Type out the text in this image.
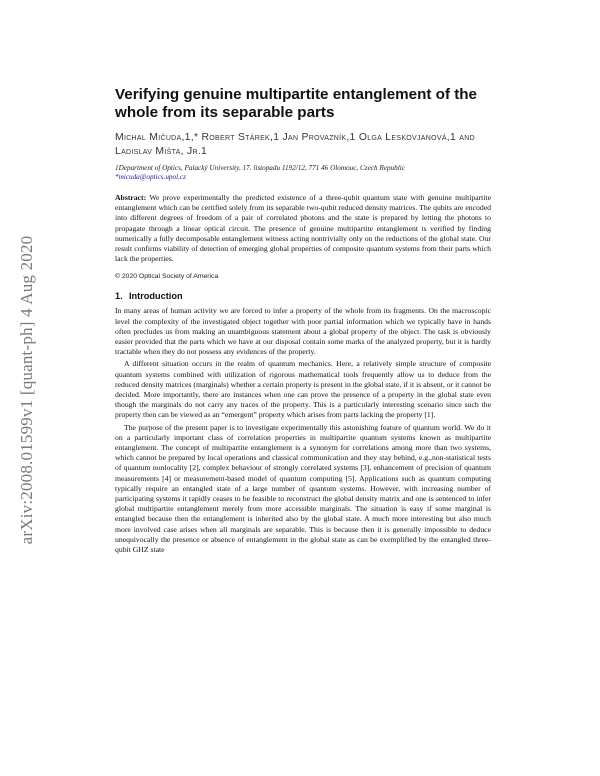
arXiv:2008.01599v1 [quant-ph] 4 Aug 2020
Verifying genuine multipartite entanglement of the whole from its separable parts
Michal Mičuda,1,* Robert Stárek,1 Jan Provazník,1 Olga Leskovjanová,1 and Ladislav Mišta, Jr.1
1Department of Optics, Palacký University, 17. listopadu 1192/12, 771 46 Olomouc, Czech Republic
*micuda@optics.upol.cz

Abstract: We prove experimentally the predicted existence of a three-qubit quantum state with genuine multipartite entanglement which can be certified solely from its separable two-qubit reduced density matrices. The qubits are encoded into different degrees of freedom of a pair of correlated photons and the state is prepared by letting the photons to propagate through a linear optical circuit. The presence of genuine multipartite entanglement is verified by finding numerically a fully decomposable entanglement witness acting nontrivially only on the reductions of the global state. Our result confirms viability of detection of emerging global properties of composite quantum systems from their parts which lack the properties.

© 2020 Optical Society of America
1. Introduction

In many areas of human activity we are forced to infer a property of the whole from its fragments. On the macroscopic level the complexity of the investigated object together with poor partial information which we typically have in hands often precludes us from making an unambiguous statement about a global property of the object. The task is obviously easier provided that the parts which we have at our disposal contain some marks of the analyzed property, but it is hardly tractable when they do not possess any evidences of the property.

A different situation occurs in the realm of quantum mechanics. Here, a relatively simple structure of composite quantum systems combined with utilization of rigorous mathematical tools frequently allow us to deduce from the reduced density matrices (marginals) whether a certain property is present in the global state, if it is absent, or it cannot be decided. More importantly, there are instances when one can prove the presence of a property in the global state even though the marginals do not carry any traces of the property. This is a particularly interesting scenario since such the property then can be viewed as an “emergent” property which arises from parts lacking the property [1].

The purpose of the present paper is to investigate experimentally this astonishing feature of quantum world. We do it on a particularly important class of correlation properties in multipartite quantum systems known as multipartite entanglement. The concept of multipartite entanglement is a synonym for correlations among more than two systems, which cannot be prepared by local operations and classical communication and they stay behind, e.g.,non-statistical tests of quantum nonlocality [2], complex behaviour of strongly correlated systems [3], enhancement of precision of quantum measurements [4] or measurement-based model of quantum computing [5]. Applications such as quantum computing typically require an entangled state of a large number of quantum systems. However, with increasing number of participating systems it rapidly ceases to be feasible to reconstruct the global density matrix and one is sentenced to infer global multipartite entanglement merely from more accessible marginals. The situation is easy if some marginal is entangled because then the entanglement is inherited also by the global state. A much more interesting but also much more involved case arises when all marginals are separable. This is because then it is generally impossible to deduce unequivocally the presence or absence of entanglement in the global state as can be exemplified by the entangled three-qubit GHZ state
